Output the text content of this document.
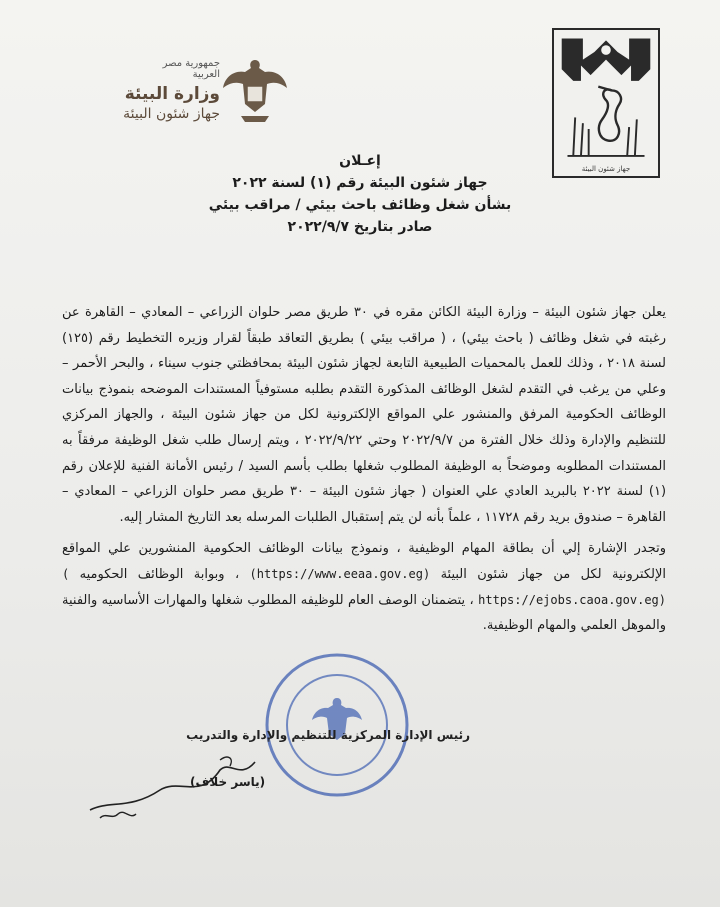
جهاز شئون البيئة
جمهورية مصر العربية
وزارة البيئة
جهاز شئون البيئة
إعـلان
جهاز شئون البيئة رقم (١) لسنة ٢٠٢٢
بشأن شغل وظائف باحث بيئي / مراقب بيئي
صادر بتاريخ ٢٠٢٢/٩/٧

يعلن جهاز شئون البيئة – وزارة البيئة الكائن مقره في ٣٠ طريق مصر حلوان الزراعي – المعادي – القاهرة عن رغبته في شغل وظائف ( باحث بيئي) ، ( مراقب بيئي ) بطريق التعاقد طبقاً لقرار وزيره التخطيط رقم (١٢٥) لسنة ٢٠١٨ ، وذلك للعمل بالمحميات الطبيعية التابعة لجهاز شئون البيئة بمحافظتي جنوب سيناء ، والبحر الأحمر – وعلي من يرغب في التقدم لشغل الوظائف المذكورة التقدم بطلبه مستوفياً المستندات الموضحه بنموذج بيانات الوظائف الحكومية المرفق والمنشور علي المواقع الإلكترونية لكل من جهاز شئون البيئة ، والجهاز المركزي للتنظيم والإدارة وذلك خلال الفترة من ٢٠٢٢/٩/٧ وحتي ٢٠٢٢/٩/٢٢ ، ويتم إرسال طلب شغل الوظيفة مرفقاً به المستندات المطلوبه وموضحاً به الوظيفة المطلوب شغلها بطلب بأسم السيد / رئيس الأمانة الفنية للإعلان رقم (١) لسنة ٢٠٢٢ بالبريد العادي علي العنوان ( جهاز شئون البيئة – ٣٠ طريق مصر حلوان الزراعي – المعادي – القاهرة – صندوق بريد رقم ١١٧٢٨ ، علماً بأنه لن يتم إستقبال الطلبات المرسله بعد التاريخ المشار إليه.

وتجدر الإشارة إلي أن بطاقة المهام الوظيفية ، ونموذج بيانات الوظائف الحكومية المنشورين علي المواقع الإلكترونية لكل من جهاز شئون البيئة (https://www.eeaa.gov.eg) ، وبوابة الوظائف الحكوميه ( https://ejobs.caoa.gov.eg) ، يتضمنان الوصف العام للوظيفه المطلوب شغلها والمهارات الأساسيه والفنية والموهل العلمي والمهام الوظيفية.

رئيس الإدارة المركزية للتنظيم والإدارة والتدريب
(ياسر خلاف)
